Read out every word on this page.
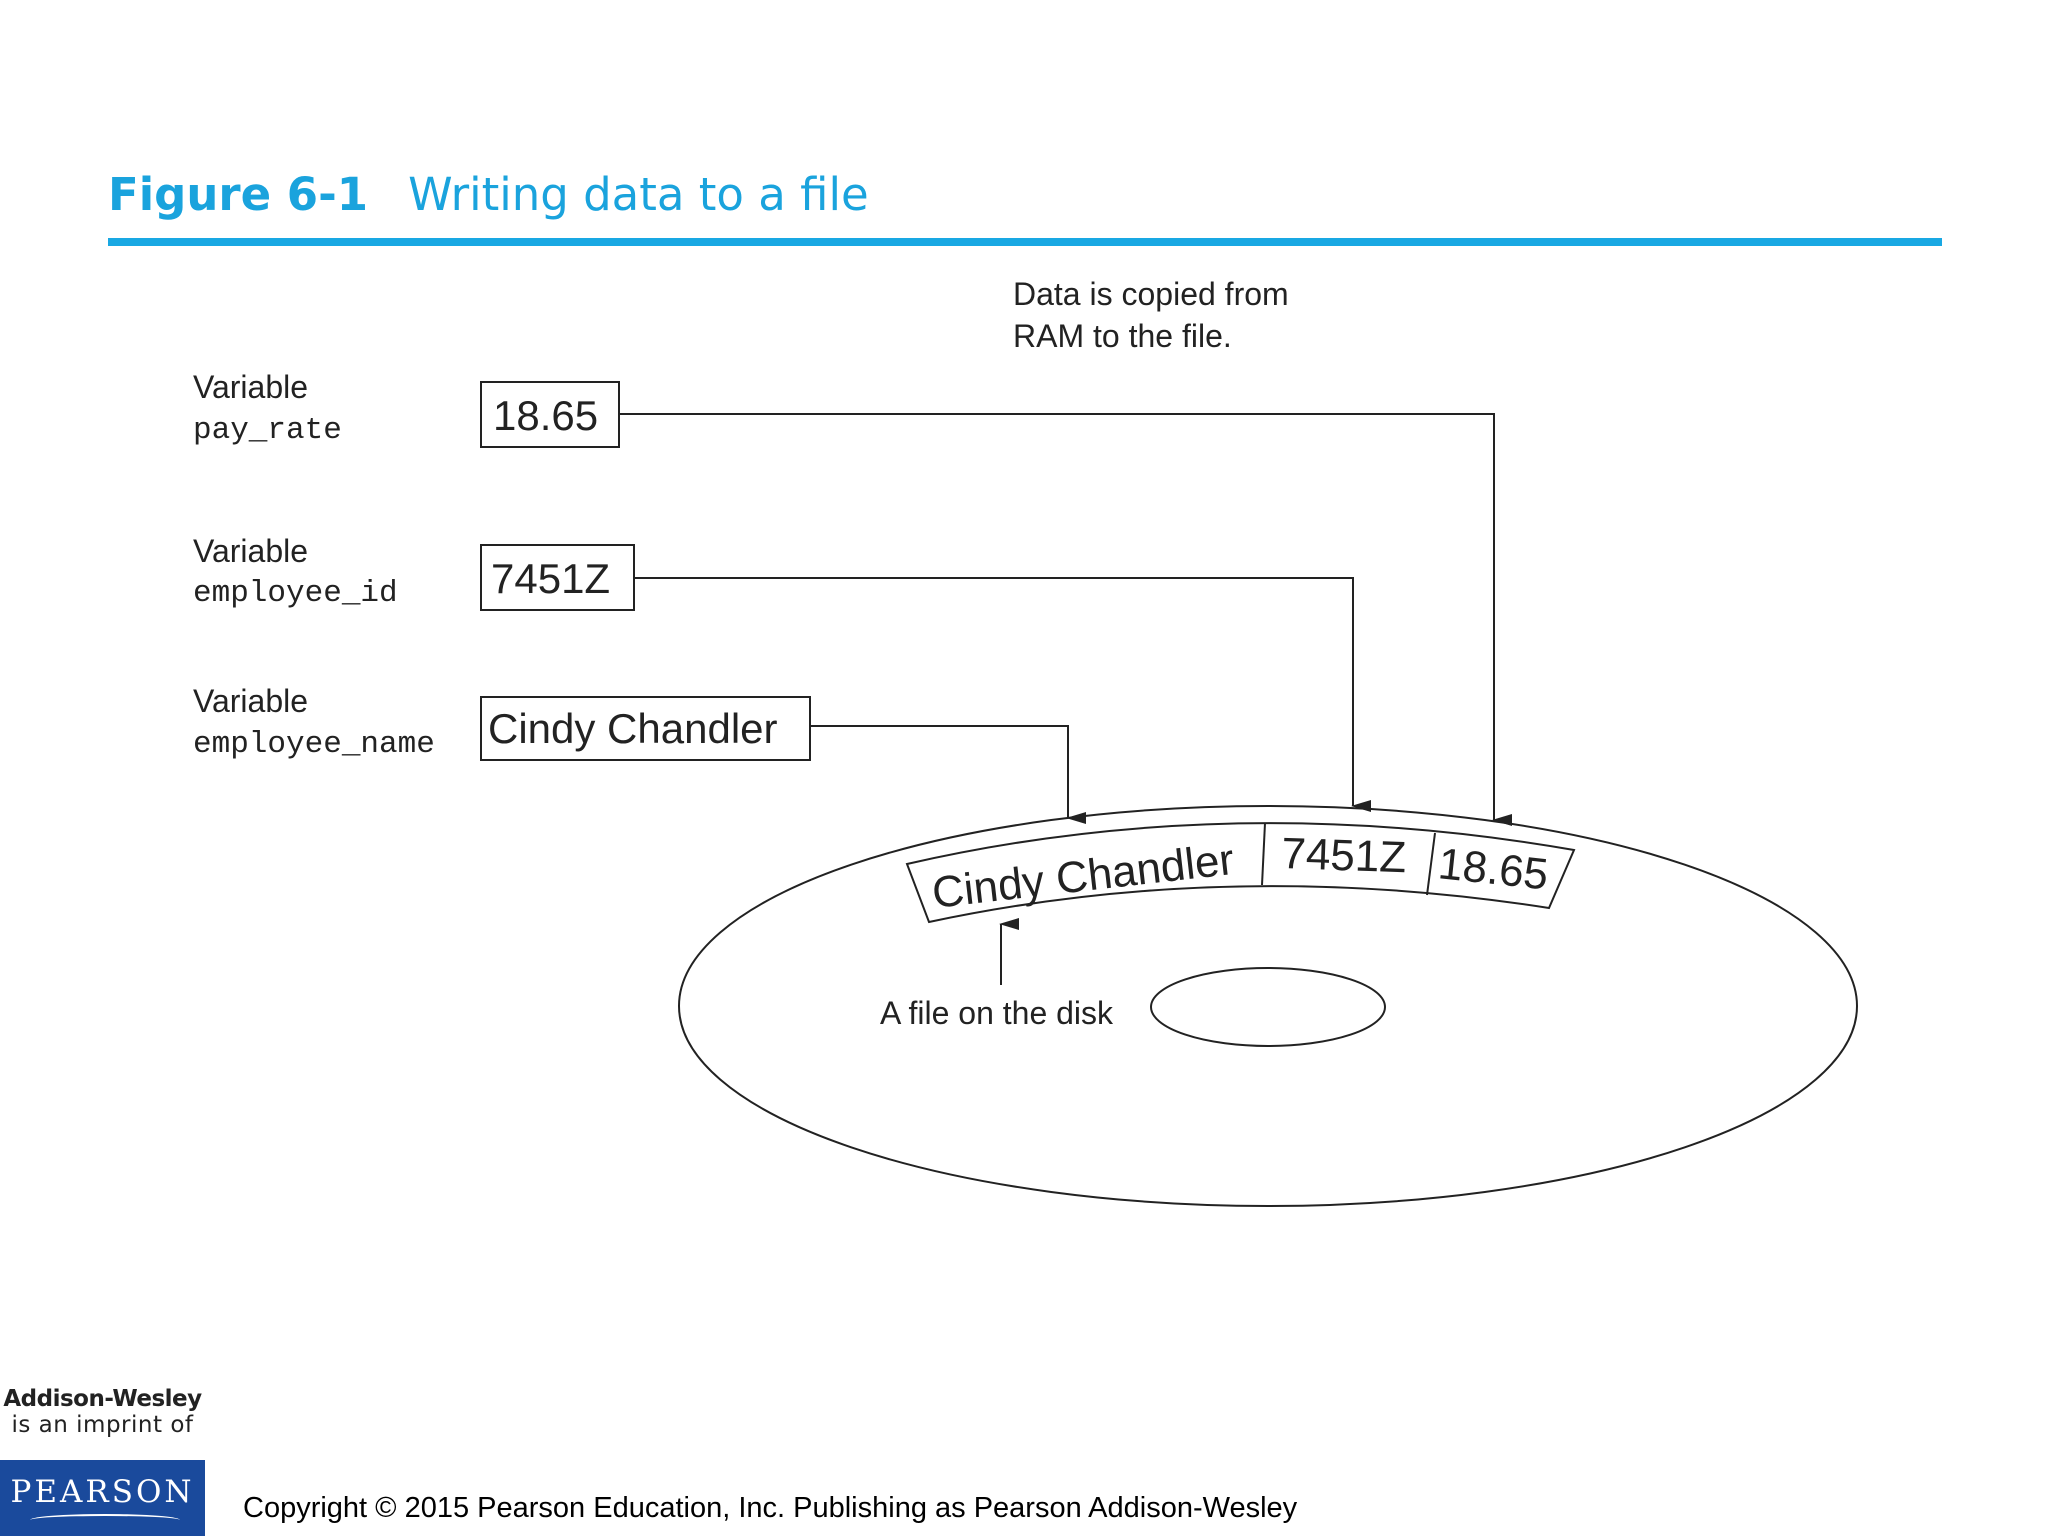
Figure 6-1 Writing data to a file
Data is copied from
RAM to the file.
Variable
pay_rate	18.65
Variable
employee_id 7451Z
Variable
employee_name Cindy Chandler
Cindy Chandler 7451Z 18.65
A file on the disk
Addison-Wesley
is an imprint of
PEARSON	Copyright © 2015 Pearson Education, Inc. Publishing as Pearson Addison-Wesley
